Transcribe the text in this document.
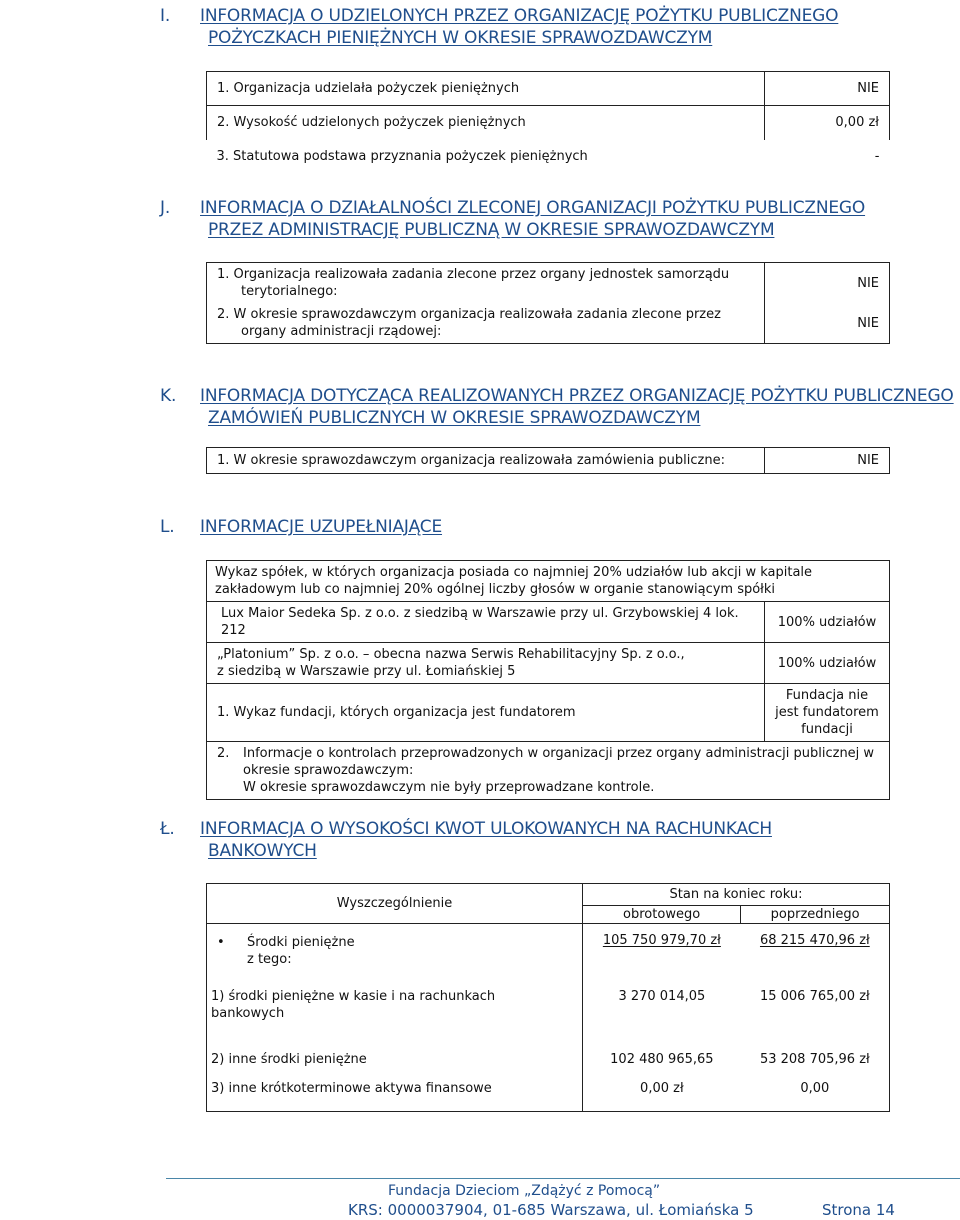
I. INFORMACJA O UDZIELONYCH PRZEZ ORGANIZACJĘ POŻYTKU PUBLICZNEGO
POŻYCZKACH PIENIĘŻNYCH W OKRESIE SPRAWOZDAWCZYM
1. Organizacja udzielała pożyczek pieniężnych	NIE
2. Wysokość udzielonych pożyczek pieniężnych	0,00 zł
3. Statutowa podstawa przyznania pożyczek pieniężnych	-
J. INFORMACJA O DZIAŁALNOŚCI ZLECONEJ ORGANIZACJI POŻYTKU PUBLICZNEGO
PRZEZ ADMINISTRACJĘ PUBLICZNĄ W OKRESIE SPRAWOZDAWCZYM
1. Organizacja realizowała zadania zlecone przez organy jednostek samorządu terytorialnego:	NIE
2. W okresie sprawozdawczym organizacja realizowała zadania zlecone przez organy administracji rządowej:	NIE
K. INFORMACJA DOTYCZĄCA REALIZOWANYCH PRZEZ ORGANIZACJĘ POŻYTKU PUBLICZNEGO
ZAMÓWIEŃ PUBLICZNYCH W OKRESIE SPRAWOZDAWCZYM
1. W okresie sprawozdawczym organizacja realizowała zamówienia publiczne:	NIE
L. INFORMACJE UZUPEŁNIAJĄCE
Wykaz spółek, w których organizacja posiada co najmniej 20% udziałów lub akcji w kapitale zakładowym lub co najmniej 20% ogólnej liczby głosów w organie stanowiącym spółki	
Lux Maior Sedeka Sp. z o.o. z siedzibą w Warszawie przy ul. Grzybowskiej 4 lok. 212	100% udziałów

„Platonium” Sp. z o.o. – obecna nazwa Serwis Rehabilitacyjny Sp. z o.o.,
z siedzibą w Warszawie przy ul. Łomiańskiej 5	100% udziałów
1. Wykaz fundacji, których organizacja jest fundatorem	Fundacja nie jest fundatorem fundacji

2. Informacje o kontrolach przeprowadzonych w organizacji przez organy administracji publicznej w okresie sprawozdawczym:
W okresie sprawozdawczym nie były przeprowadzane kontrole.	
Ł. INFORMACJA O WYSOKOŚCI KWOT ULOKOWANYCH NA RACHUNKACH
BANKOWYCH
Wyszczególnienie	Stan na koniec roku:	
	obrotowego	poprzedniego

• Środki pieniężne
z tego:	105 750 979,70 zł	68 215 470,96 zł
1) środki pieniężne w kasie i na rachunkach bankowych	3 270 014,05	15 006 765,00 zł
2) inne środki pieniężne	102 480 965,65	53 208 705,96 zł
3) inne krótkoterminowe aktywa finansowe	0,00 zł	0,00
Fundacja Dzieciom „Zdążyć z Pomocą”
KRS: 0000037904, 01-685 Warszawa, ul. Łomiańska 5	Strona 14
